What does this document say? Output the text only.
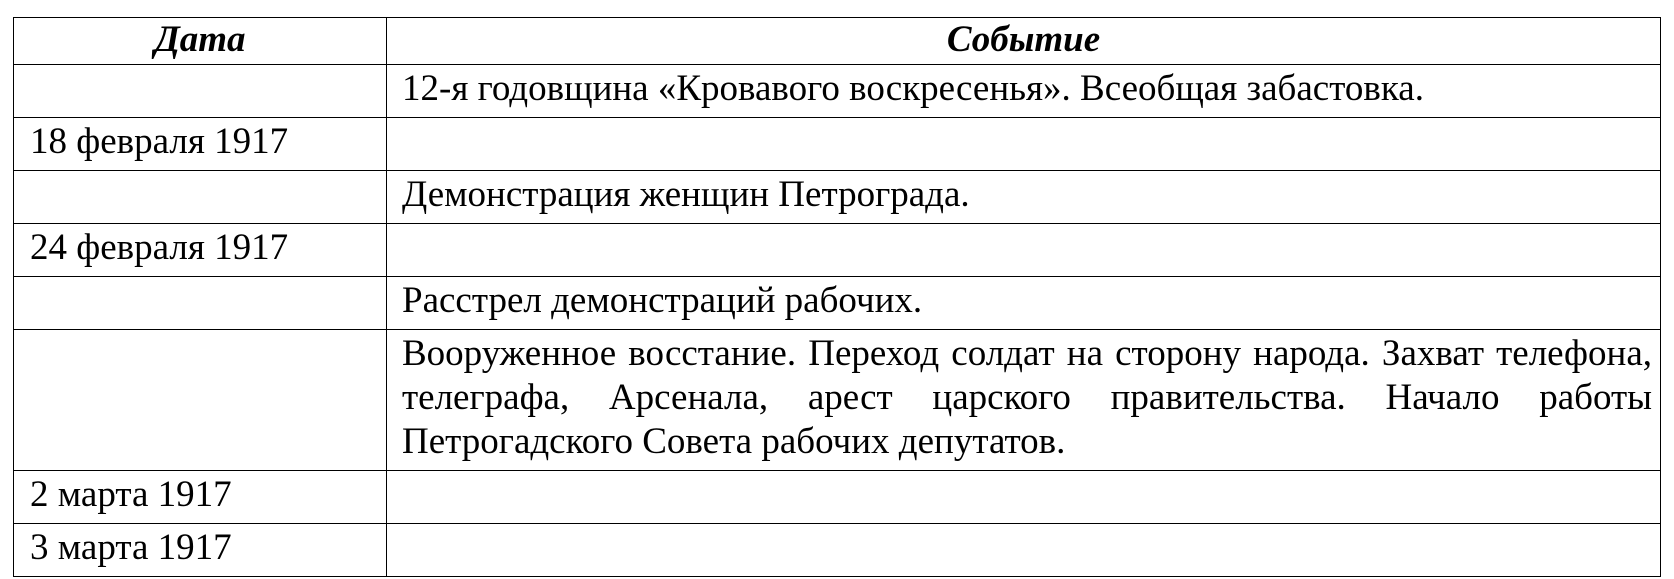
Дата	Событие
	12-я годовщина «Кровавого воскресенья». Всеобщая забастовка.
18 февраля 1917	
	Демонстрация женщин Петрограда.
24 февраля 1917	
	Расстрел демонстраций рабочих.
	Вооруженное восстание. Переход солдат на сторону народа. Захват телефона, телеграфа, Арсенала, арест царского правительства. Начало работы Петрогадского Совета рабочих депутатов.
2 марта 1917	
3 марта 1917	
